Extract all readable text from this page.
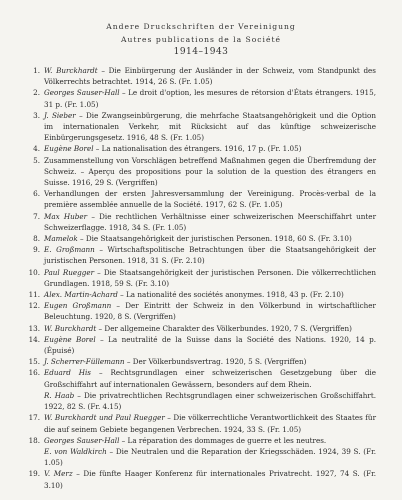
Andere Druckschriften der Vereinigung
Autres publications de la Société
1914–1943
1. W. Burckhardt – Die Einbürgerung der Ausländer in der Schweiz, vom Standpunkt des Völkerrechts betrachtet. 1914, 26 S. (Fr. 1.05)
2. Georges Sauser-Hall – Le droit d'option, les mesures de rétorsion d'États étrangers. 1915, 31 p. (Fr. 1.05)
3. J. Sieber – Die Zwangseinbürgerung, die mehrfache Staatsangehörigkeit und die Option im internationalen Verkehr, mit Rücksicht auf das künftige schweizerische Einbürgerungsgesetz. 1916, 48 S. (Fr. 1.05)
4. Eugène Borel – La nationalisation des étrangers. 1916, 17 p. (Fr. 1.05)
5. Zusammenstellung von Vorschlägen betreffend Maßnahmen gegen die Überfremdung der Schweiz. – Aperçu des propositions pour la solution de la question des étrangers en Suisse. 1916, 29 S. (Vergriffen)
6. Verhandlungen der ersten Jahresversammlung der Vereinigung. Procès-verbal de la première assemblée annuelle de la Société. 1917, 62 S. (Fr. 1.05)
7. Max Huber – Die rechtlichen Verhältnisse einer schweizerischen Meerschiffahrt unter Schweizerflagge. 1918, 34 S. (Fr. 1.05)
8. Mamelok – Die Staatsangehörigkeit der juristischen Personen. 1918, 60 S. (Fr. 3.10)
9. E. Großmann – Wirtschaftspolitische Betrachtungen über die Staatsangehörigkeit der juristischen Personen. 1918, 31 S. (Fr. 2.10)
10. Paul Ruegger – Die Staatsangehörigkeit der juristischen Personen. Die völkerrechtlichen Grundlagen. 1918, 59 S. (Fr. 3.10)
11. Alex. Martin-Achard – La nationalité des sociétés anonymes. 1918, 43 p. (Fr. 2.10)
12. Eugen Großmann – Der Eintritt der Schweiz in den Völkerbund in wirtschaftlicher Beleuchtung. 1920, 8 S. (Vergriffen)
13. W. Burckhardt – Der allgemeine Charakter des Völkerbundes. 1920, 7 S. (Vergriffen)
14. Eugène Borel – La neutralité de la Suisse dans la Société des Nations. 1920, 14 p. (Épuisé)
15. J. Scherrer-Füllemann – Der Völkerbundsvertrag. 1920, 5 S. (Vergriffen)
16. Eduard His – Rechtsgrundlagen einer schweizerischen Gesetzgebung über die Großschiffahrt auf internationalen Gewässern, besonders auf dem Rhein.
R. Haab – Die privatrechtlichen Rechtsgrundlagen einer schweizerischen Großschiffahrt. 1922, 82 S. (Fr. 4.15)
17. W. Burckhardt und Paul Ruegger – Die völkerrechtliche Verantwortlichkeit des Staates für die auf seinem Gebiete begangenen Verbrechen. 1924, 33 S. (Fr. 1.05)
18. Georges Sauser-Hall – La réparation des dommages de guerre et les neutres.
E. von Waldkirch – Die Neutralen und die Reparation der Kriegsschäden. 1924, 39 S. (Fr. 1.05)
19. V. Merz – Die fünfte Haager Konferenz für internationales Privatrecht. 1927, 74 S. (Fr. 3.10)
